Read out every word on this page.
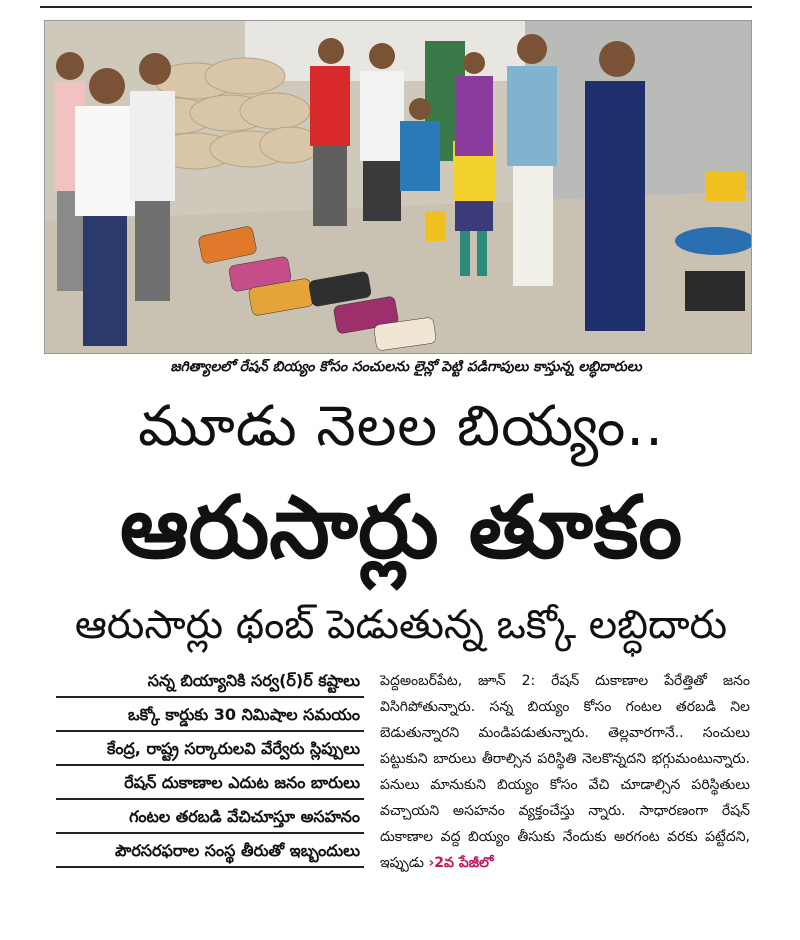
జగిత్యాలలో రేషన్ బియ్యం కోసం సంచులను లైన్లో పెట్టి పడిగాపులు కాస్తున్న లబ్ధిదారులు
మూడు నెలల బియ్యం..
ఆరుసార్లు తూకం
ఆరుసార్లు థంబ్ పెడుతున్న ఒక్కో లబ్ధిదారు
సన్న బియ్యానికి సర్వ(ర్)ర్ కష్టాలు
ఒక్కో కార్డుకు 30 నిమిషాల సమయం
కేంద్ర, రాష్ట్ర సర్కారులవి వేర్వేరు స్లిప్పులు
రేషన్ దుకాణాల ఎదుట జనం బారులు
గంటల తరబడి వేచిచూస్తూ అసహనం
పౌరసరఫరాల సంస్థ తీరుతో ఇబ్బందులు
పెద్దఅంబర్‌పేట, జూన్ 2: రేషన్ దుకాణాల పేరేత్తితో జనం విసిగిపోతున్నారు. సన్న బియ్యం కోసం గంటల తరబడి నిల బెడుతున్నారని మండిపడుతున్నారు. తెల్లవారగానే.. సంచులు పట్టుకుని బారులు తీరాల్సిన పరిస్థితి నెలకొన్నదని భగ్గుమంటున్నారు. పనులు మానుకుని బియ్యం కోసం వేచి చూడాల్సిన పరిస్థితులు వచ్చాయని అసహనం వ్యక్తంచేస్తు న్నారు. సాధారణంగా రేషన్ దుకాణాల వద్ద బియ్యం తీసుకు నేందుకు అరగంట వరకు పట్టేదని, ఇప్పుడు ›2వ పేజీలో
